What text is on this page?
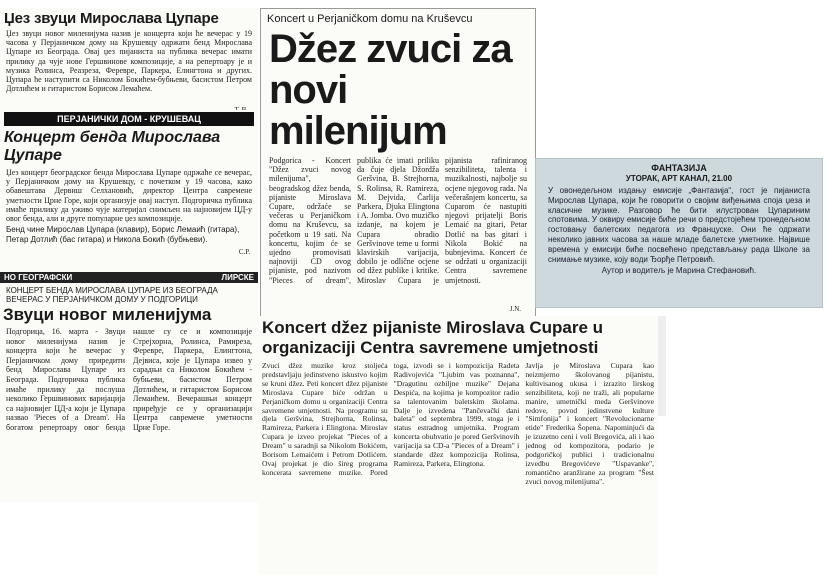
Џез звуци Мирослава Цупаре
Џез звуци новог миленијума назив је концерта који ће вечерас у 19 часова у Перјаничком дому на Крушевцу одржати бенд Мирослава Цупаре из Београда. Овај џез пијаниста на публика вечерас имати прилику да чује нове Гершвинове композиције, а на репертоару је и музика Ролинса, Реазреза, Феревре, Паркера, Елингтона и других. Цупара ће наступити са Николом Бокићем-бубњеви, басистом Петром Дотлићем и гитаристом Борисом Лемаћем.
ПЕРЈАНИЧКИ ДОМ - КРУШЕВАЦ
Концерт бенда Мирослава Цупаре
Џез концерт београдског бенда Мирослава Цупаре одржаће се вечерас, у Перјаничком дому на Крушевцу, с почетком у 19 часова, како обавештава Дервиш Селхановић, директор Центра савремене уметности Црне Горе, који организује овај наступ. Подгоричка публика имаће прилику да уживо чује материјал снимљен на најновијем ЦД-у овог бенда, али и друге популарне џез композиције.
Бенд чине Мирослав Цупара (клавир), Борис Лемаић (гитара), Петар Дотлић (бас гитара) и Никола Бокић (бубњеви).
С.Р.
НО ГЕОГРАФСКИ	ЛИРСКЕ
КОНЦЕРТ БЕНДА МИРОСЛАВА ЦУПАРЕ ИЗ БЕОГРАДА ВЕЧЕРАС У ПЕРЈАНИЧКОМ ДОМУ У ПОДГОРИЦИ
Звуци новог миленијума
Подгорица, 16. марта - Звуци новог миленијума назив је концерта који ће вечерас у Перјаничком дому приредити бенд Мирослава Цупаре из Београда. Подгоричка публика имаће прилику да послуша неколико Гершвинових варијација са најновијег ЦД-а који је Цупара назвао 'Pieces of a Dream'. На богатом репертоару овог бенда нашле су се и композиције Стрејхорна, Ролинса, Рамиреза, Феревре, Паркера, Елингтона, Дејвиса, које је Цупара извео у сарадњи са Николом Бокићем - бубњеви, басистом Петром Дотлићем, и гитаристом Борисом Лемаићем. Вечерашњи концерт приређује се у организацији Центра савремене уметности Црне Горе.
Koncert u Perjaničkom domu na Kruševcu
Džez zvuci za novi milenijum
Podgorica - Koncert "Džez zvuci novog milenijuma", beogradskog džez benda, pijaniste Miroslava Cupare, održaće se večeras u Perjaničkom domu na Kruševcu, sa početkom u 19 sati. Na koncertu, kojim će se ujedno promovisati najnoviji CD ovog pijaniste, pod nazivom "Pieces of dream", publika će imati priliku da čuje djela Džordža Geršvina, B. Strejhorna, S. Rolinsa, R. Ramireza, M. Dejvida, Čarlija Parkera, Djuka Elingtona i A. Jomba. Ovo muzičko izdanje, na kojem je Cupara obradio Geršvinove teme u formi klavirskih varijacija, dobilo je odlične ocjene od džez publike i kritike. Miroslav Cupara je pijanista rafiniranog senzibiliteta, talenta i muzikalnosti, najbolje su ocjene njegovog rada. Na večerašnjem koncertu, sa Cuparom će nastupiti njegovi prijatelji Boris Lemaić na gitari, Petar Dotlić na bas gitari i Nikola Bokić na bubnjevima. Koncert će se održati u organizaciji Centra savremene umjetnosti.
J.N.
ФАНТАЗИЈА
УТОРАК, АРТ КАНАЛ, 21.00
У овонедељном издању емисије „Фантазија“, гост је пијаниста Мирослав Цупара, који ће говорити о својим виђењима споја џеза и класичне музике. Разговор ће бити илустрован Цупариним спотовима. У оквиру емисије биће речи о предстојећем тронедељном гостовању балетских педагога из Француске. Они ће одржати неколико јавних часова за наше младе балетске уметнике. Највише времена у емисији биће посвећено представљању рада Школе за снимање музике, коју води Ђорђе Петровић.
Аутор и водитељ је Марина Стефановић.
Koncert džez pijaniste Miroslava Cupare u organizaciji Centra savremene umjetnosti
Zvuci džez muzike kroz stoljeća predstavljaju jedinstveno iskustvo kojim se kruni džez. Peti koncert džez pijaniste Miroslava Cupare biće održan u Perjaničkom domu u organizaciji Centra savremene umjetnosti. Na programu su djela Geršvina, Strejhorna, Rolinsa, Ramireza, Parkera i Elingtona. Miroslav Cupara je izveo projekat "Pieces of a Dream" u saradnji sa Nikolom Bokićem, Borisom Lemaićem i Petrom Dotlićem. Ovaj projekat je dio šireg programa koncerata savremene muzike. Pored toga, izvodi se i kompozicija Radeta Radivojevića "Ljubim vas poznanna", "Dragutinu ozbiljne muzike" Dejana Despića, na kojima je kompozitor radio sa talentovanim baletskim školama. Dalje je izvedena "Pančevački dani baleta" od septembra 1999, stoga je i status estradnog umjetnika. Program koncerta obuhvatio je pored Geršvinovih varijacija sa CD-a "Pieces of a Dream" i standarde džez kompozicija Rolinsa, Ramireza, Parkera, Elingtona.
Javlja je Miroslava Cupara kao neizmjerno školovanog pijanistu, kultivisanog ukusa i izrazito lirskog senzibiliteta, koji ne traži, ali popularne manire, umetnički meda Geršvinove redove, povod jedinstvene kulture "Simfonija" i koncert "Revolucionarne etide" Frederika Šopena. Napominjući da je izuzetno ceni i voli Bregovića, ali i kao jednog od kompozitora, podario je podgoričkoj publici i tradicionalnu izvedbu Bregovićeve "Uspavanke", romantično aranžirane za program "Šest zvuci novog milenijuma".
